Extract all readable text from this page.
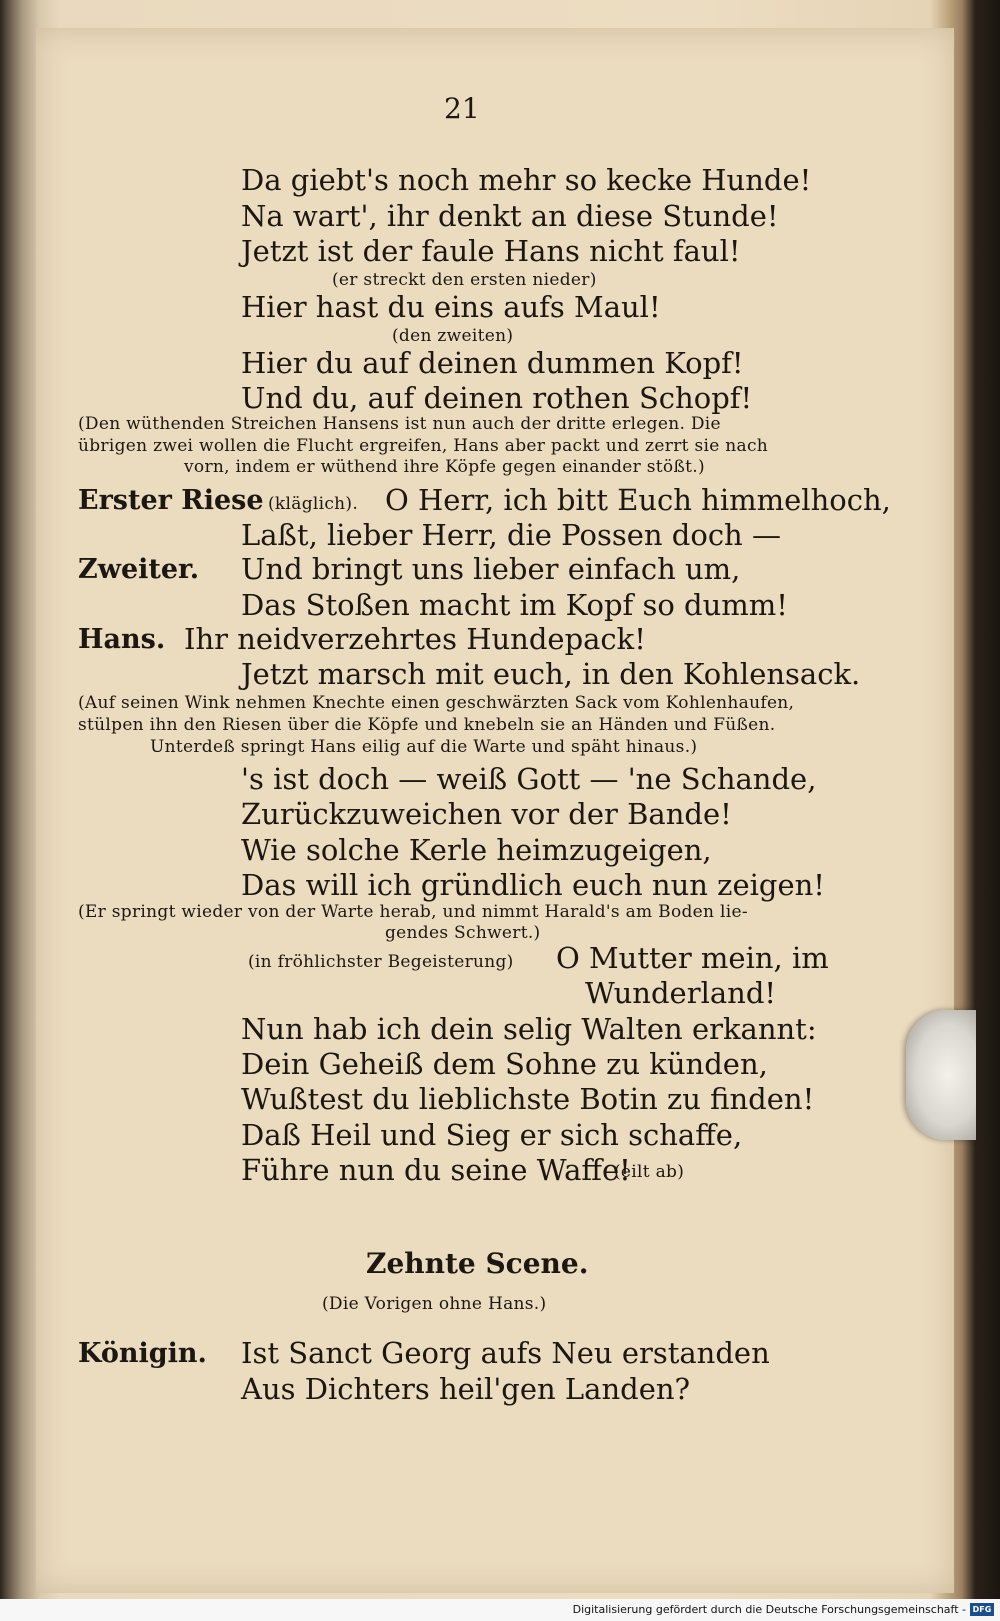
21
Da giebt's noch mehr so kecke Hunde!
Na wart', ihr denkt an diese Stunde!
Jetzt ist der faule Hans nicht faul!
(er streckt den ersten nieder)
Hier hast du eins aufs Maul!
(den zweiten)
Hier du auf deinen dummen Kopf!
Und du, auf deinen rothen Schopf!
(Den wüthenden Streichen Hansens ist nun auch der dritte erlegen. Die
übrigen zwei wollen die Flucht ergreifen, Hans aber packt und zerrt sie nach
vorn, indem er wüthend ihre Köpfe gegen einander stößt.)
Erster Riese (kläglich). O Herr, ich bitt Euch himmelhoch,
Laßt, lieber Herr, die Possen doch —
Zweiter. Und bringt uns lieber einfach um,
Das Stoßen macht im Kopf so dumm!
Hans. Ihr neidverzehrtes Hundepack!
Jetzt marsch mit euch, in den Kohlensack.
(Auf seinen Wink nehmen Knechte einen geschwärzten Sack vom Kohlenhaufen,
stülpen ihn den Riesen über die Köpfe und knebeln sie an Händen und Füßen.
Unterdeß springt Hans eilig auf die Warte und späht hinaus.)
's ist doch — weiß Gott — 'ne Schande,
Zurückzuweichen vor der Bande!
Wie solche Kerle heimzugeigen,
Das will ich gründlich euch nun zeigen!
(Er springt wieder von der Warte herab, und nimmt Harald's am Boden lie-
gendes Schwert.)
(in fröhlichster Begeisterung) O Mutter mein, im
Wunderland!
Nun hab ich dein selig Walten erkannt:
Dein Geheiß dem Sohne zu künden,
Wußtest du lieblichste Botin zu finden!
Daß Heil und Sieg er sich schaffe,
Führe nun du seine Waffe!
(eilt ab)
Zehnte Scene.
(Die Vorigen ohne Hans.)
Königin. Ist Sanct Georg aufs Neu erstanden
Aus Dichters heil'gen Landen?
Digitalisierung gefördert durch die Deutsche Forschungsgemeinschaft - DFG
